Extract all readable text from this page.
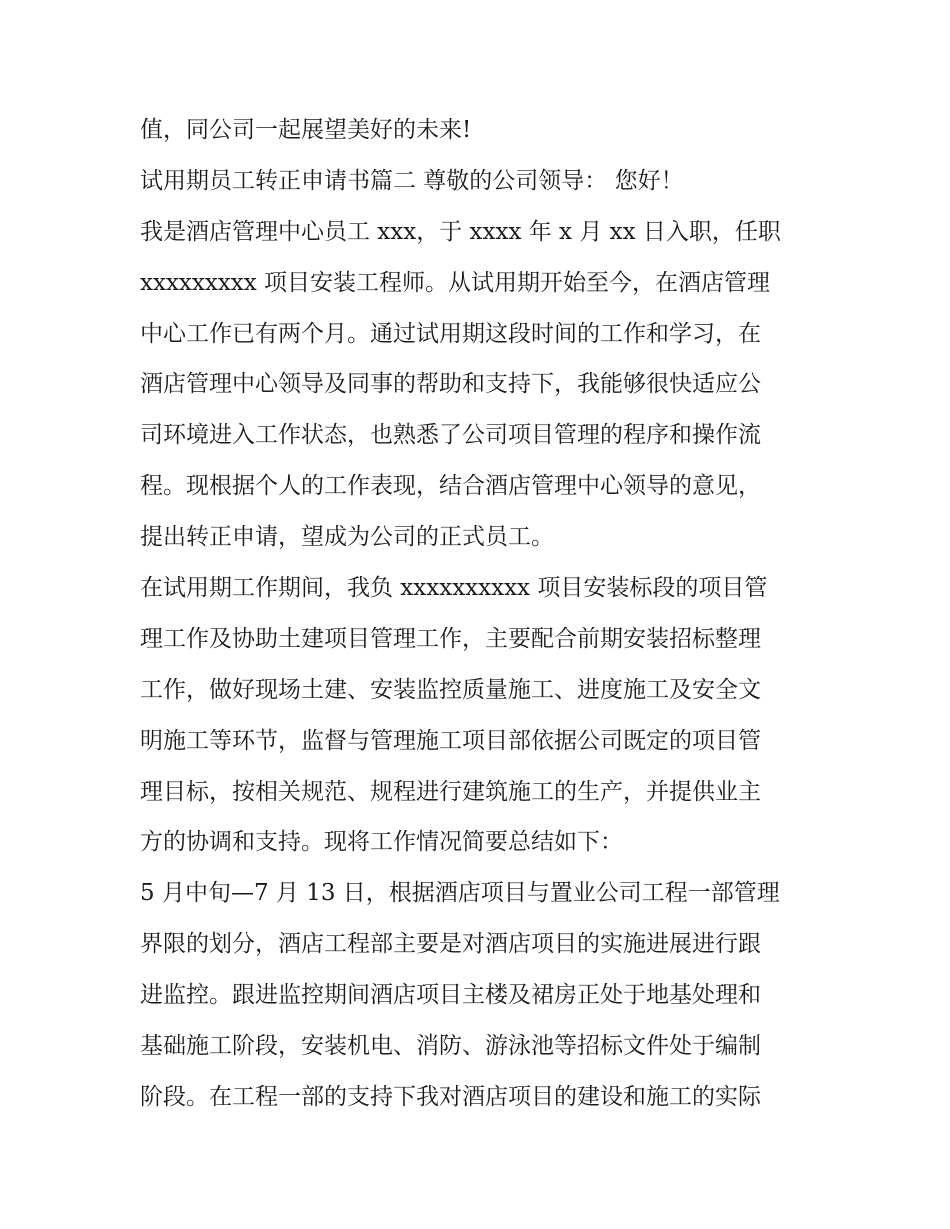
值，同公司一起展望美好的未来!
试用期员工转正申请书篇二 尊敬的公司领导： 您好！
我是酒店管理中心员工 xxx，于 xxxx 年 x 月 xx 日入职，任职
xxxxxxxxx 项目安装工程师。从试用期开始至今，在酒店管理
中心工作已有两个月。通过试用期这段时间的工作和学习，在
酒店管理中心领导及同事的帮助和支持下，我能够很快适应公
司环境进入工作状态，也熟悉了公司项目管理的程序和操作流
程。现根据个人的工作表现，结合酒店管理中心领导的意见，
提出转正申请，望成为公司的正式员工。
在试用期工作期间，我负 xxxxxxxxxx 项目安装标段的项目管
理工作及协助土建项目管理工作，主要配合前期安装招标整理
工作，做好现场土建、安装监控质量施工、进度施工及安全文
明施工等环节，监督与管理施工项目部依据公司既定的项目管
理目标，按相关规范、规程进行建筑施工的生产，并提供业主
方的协调和支持。现将工作情况简要总结如下：
5 月中旬—7 月 13 日，根据酒店项目与置业公司工程一部管理
界限的划分，酒店工程部主要是对酒店项目的实施进展进行跟
进监控。跟进监控期间酒店项目主楼及裙房正处于地基处理和
基础施工阶段，安装机电、消防、游泳池等招标文件处于编制
阶段。在工程一部的支持下我对酒店项目的建设和施工的实际
